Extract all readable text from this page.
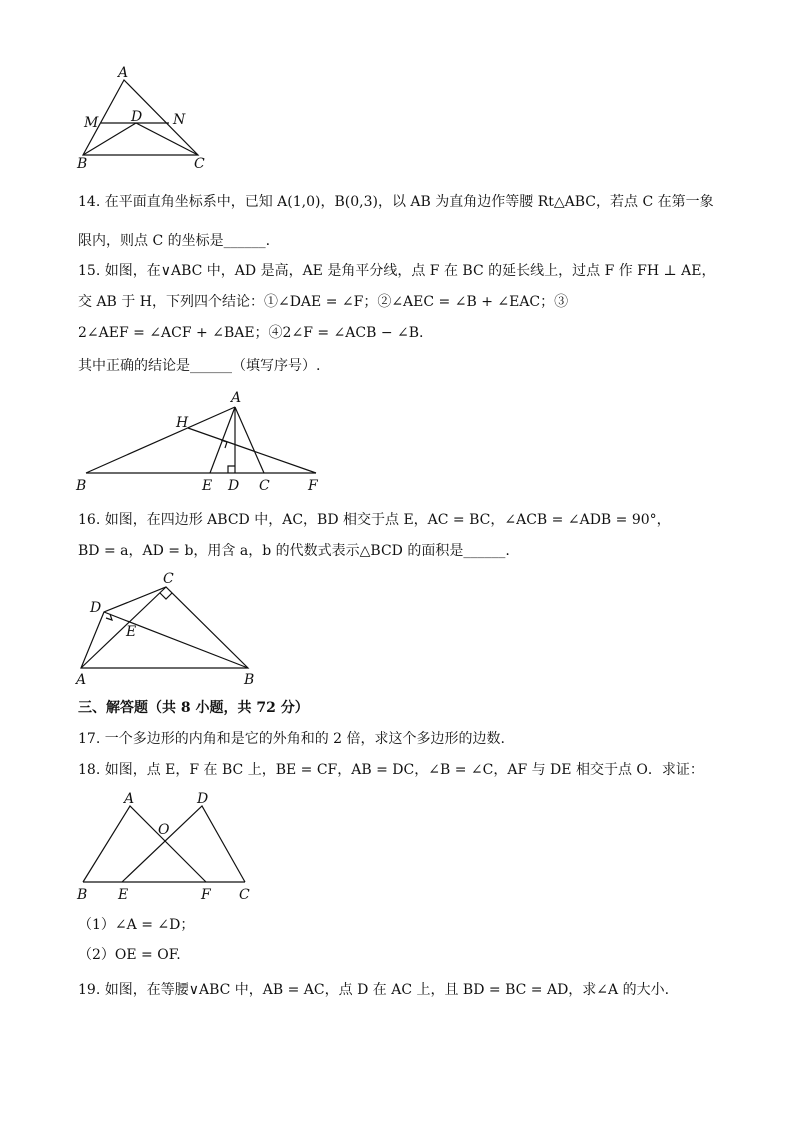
A
M D N
B	C
A
H
B	E D C	F
C
D
E
A	B
A	D
O
B E	F C
14. 在平面直角坐标系中，已知 A(1,0)，B(0,3)，以 AB 为直角边作等腰 Rt△ABC，若点 C 在第一象
限内，则点 C 的坐标是______.
15. 如图，在∨ABC 中，AD 是高，AE 是角平分线，点 F 在 BC 的延长线上，过点 F 作 FH ⊥ AE，
交 AB 于 H，下列四个结论：①∠DAE = ∠F；②∠AEC = ∠B + ∠EAC；③
2∠AEF = ∠ACF + ∠BAE；④2∠F = ∠ACB − ∠B.
其中正确的结论是______（填写序号）.
16. 如图，在四边形 ABCD 中，AC，BD 相交于点 E，AC = BC，∠ACB = ∠ADB = 90°，
BD = a，AD = b，用含 a，b 的代数式表示△BCD 的面积是______.
三、解答题（共 8 小题，共 72 分）
17. 一个多边形的内角和是它的外角和的 2 倍，求这个多边形的边数.
18. 如图，点 E，F 在 BC 上，BE = CF，AB = DC，∠B = ∠C，AF 与 DE 相交于点 O．求证：
（1）∠A = ∠D；
（2）OE = OF.
19. 如图，在等腰∨ABC 中，AB = AC，点 D 在 AC 上，且 BD = BC = AD，求∠A 的大小.
